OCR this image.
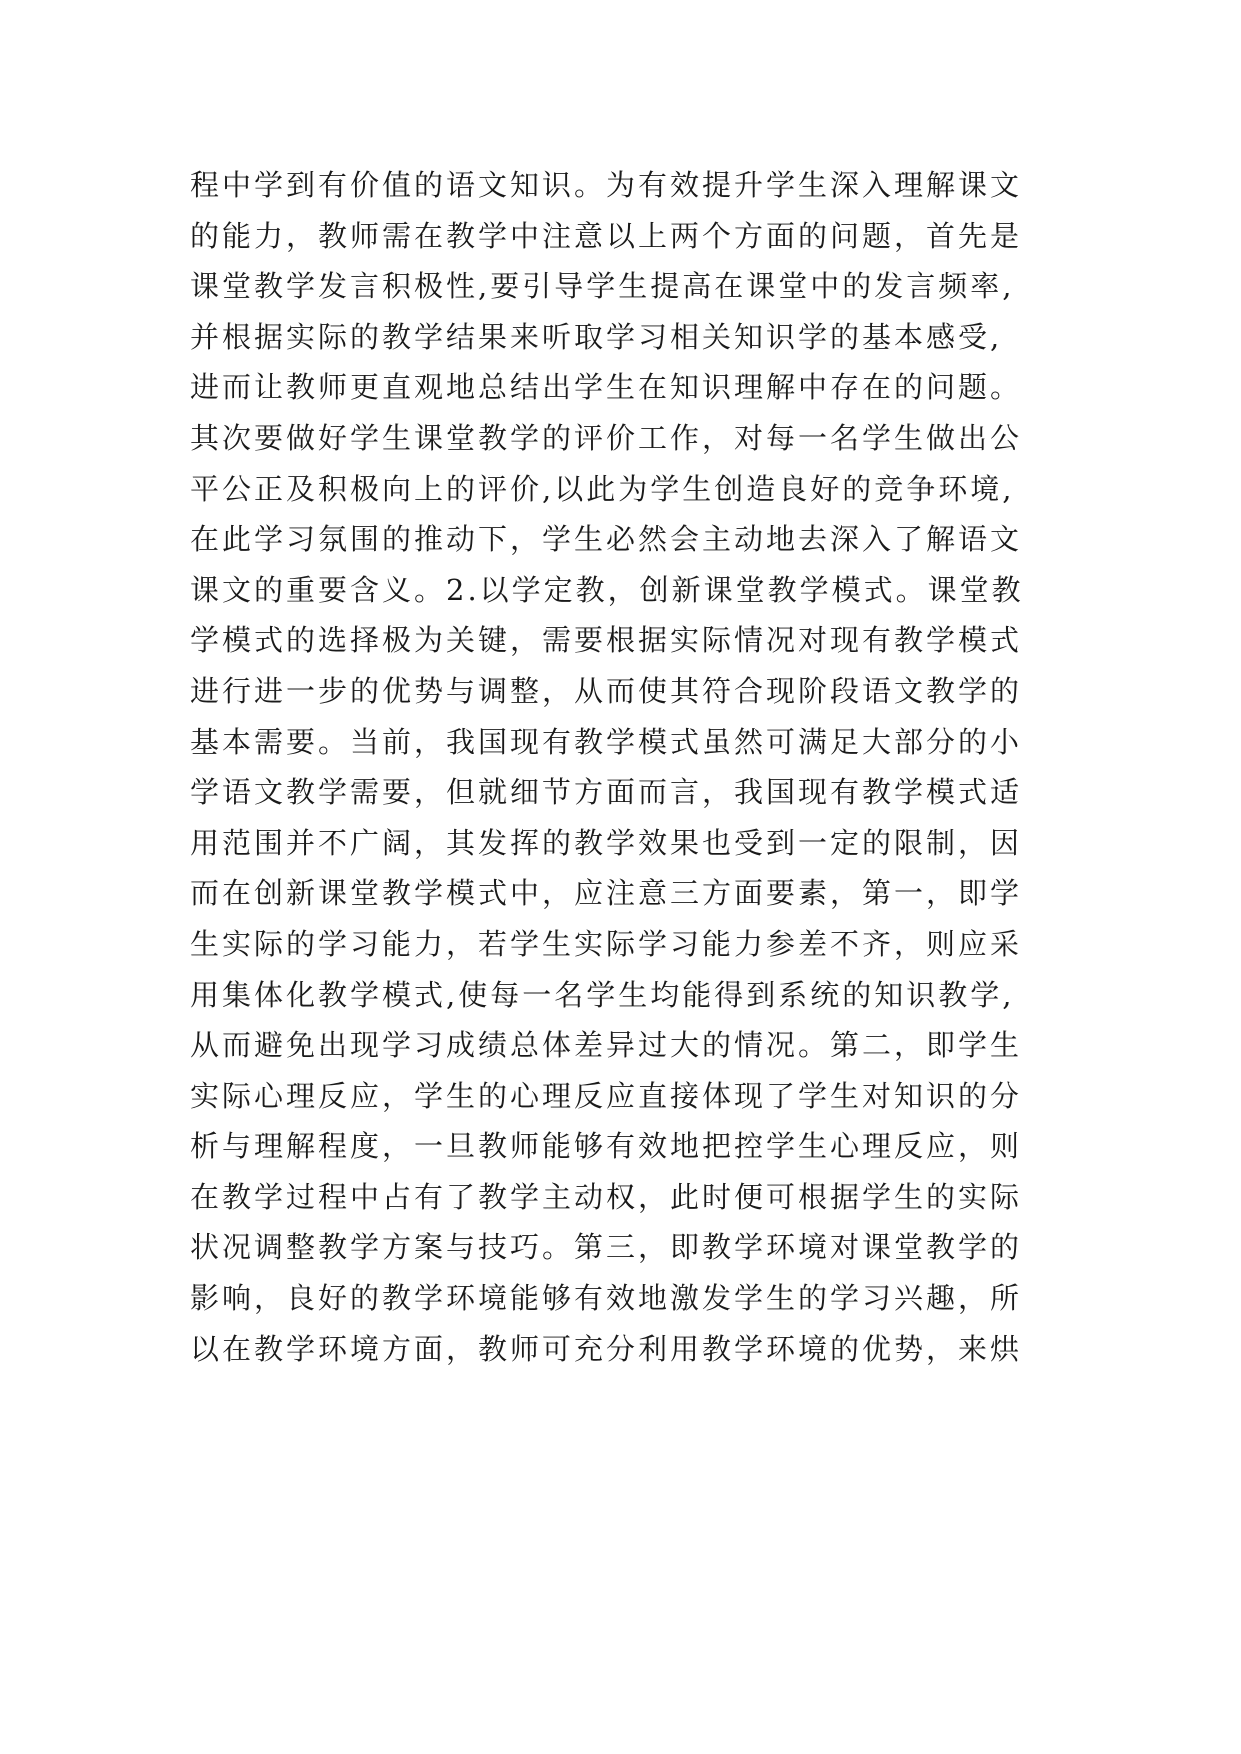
程中学到有价值的语文知识。为有效提升学生深入理解课文
的能力，教师需在教学中注意以上两个方面的问题，首先是
课堂教学发言积极性,要引导学生提高在课堂中的发言频率,
并根据实际的教学结果来听取学习相关知识学的基本感受,
进而让教师更直观地总结出学生在知识理解中存在的问题。
其次要做好学生课堂教学的评价工作，对每一名学生做出公
平公正及积极向上的评价,以此为学生创造良好的竞争环境,
在此学习氛围的推动下，学生必然会主动地去深入了解语文
课文的重要含义。2.以学定教，创新课堂教学模式。课堂教
学模式的选择极为关键，需要根据实际情况对现有教学模式
进行进一步的优势与调整，从而使其符合现阶段语文教学的
基本需要。当前，我国现有教学模式虽然可满足大部分的小
学语文教学需要，但就细节方面而言，我国现有教学模式适
用范围并不广阔，其发挥的教学效果也受到一定的限制，因
而在创新课堂教学模式中，应注意三方面要素，第一，即学
生实际的学习能力，若学生实际学习能力参差不齐，则应采
用集体化教学模式,使每一名学生均能得到系统的知识教学,
从而避免出现学习成绩总体差异过大的情况。第二，即学生
实际心理反应，学生的心理反应直接体现了学生对知识的分
析与理解程度，一旦教师能够有效地把控学生心理反应，则
在教学过程中占有了教学主动权，此时便可根据学生的实际
状况调整教学方案与技巧。第三，即教学环境对课堂教学的
影响，良好的教学环境能够有效地激发学生的学习兴趣，所
以在教学环境方面，教师可充分利用教学环境的优势，来烘
